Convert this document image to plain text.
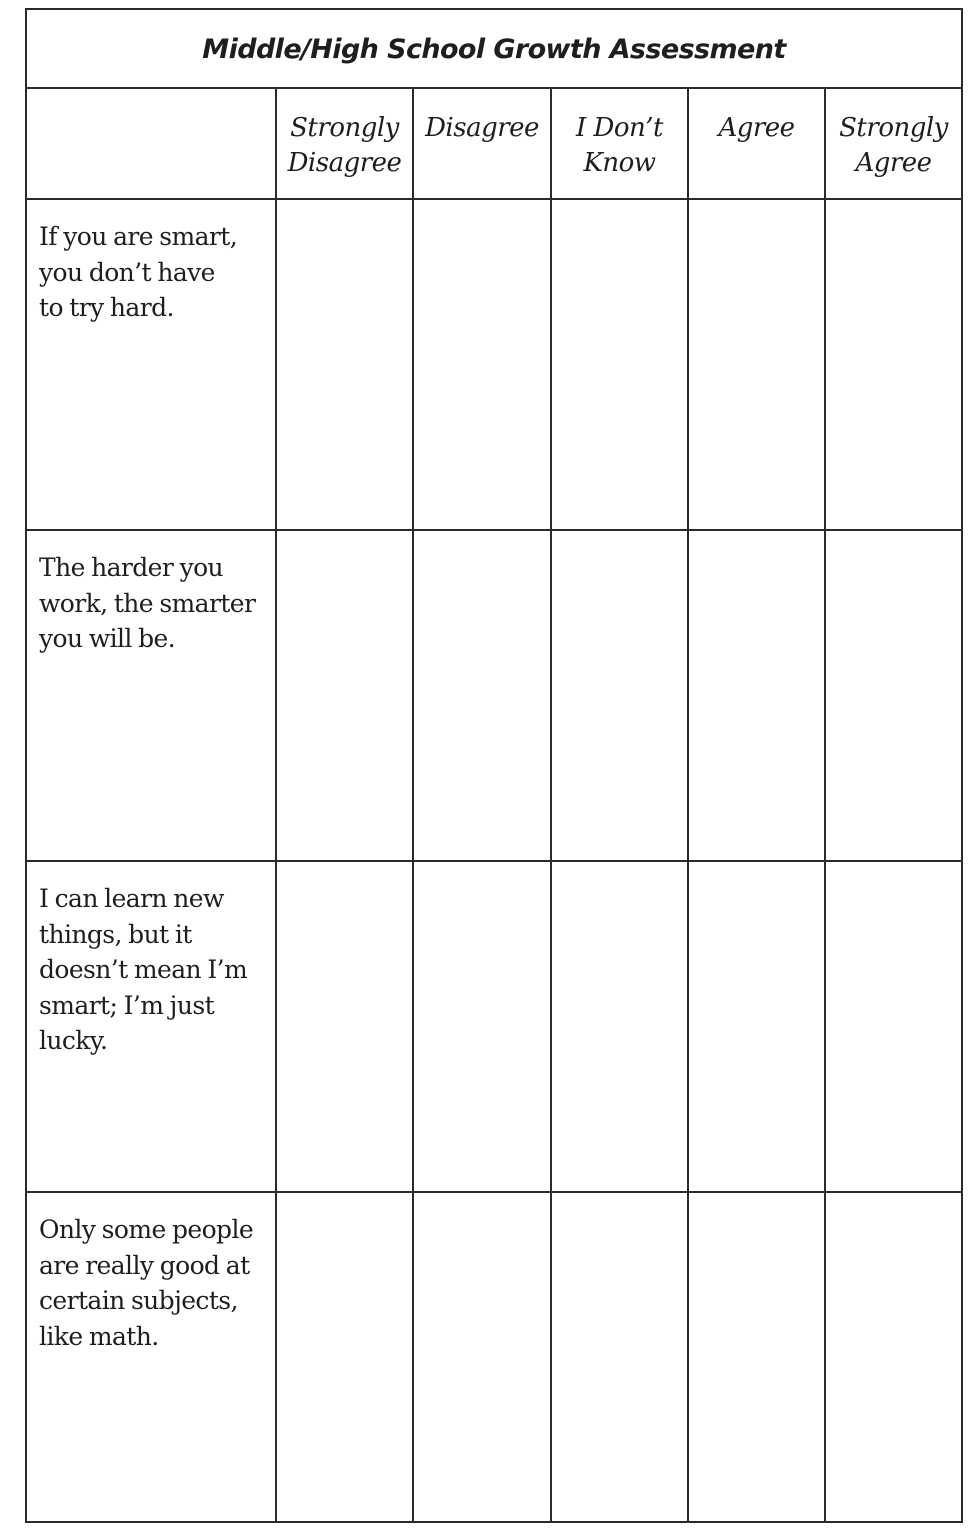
Middle/High School Growth Assessment
Strongly
Disagree
Disagree	I Don’t
Know
Agree	Strongly
Agree
If you are smart,
you don’t have
to try hard.
The harder you
work, the smarter
you will be.
I can learn new
things, but it
doesn’t mean I’m
smart; I’m just
lucky.
Only some people
are really good at
certain subjects,
like math.
